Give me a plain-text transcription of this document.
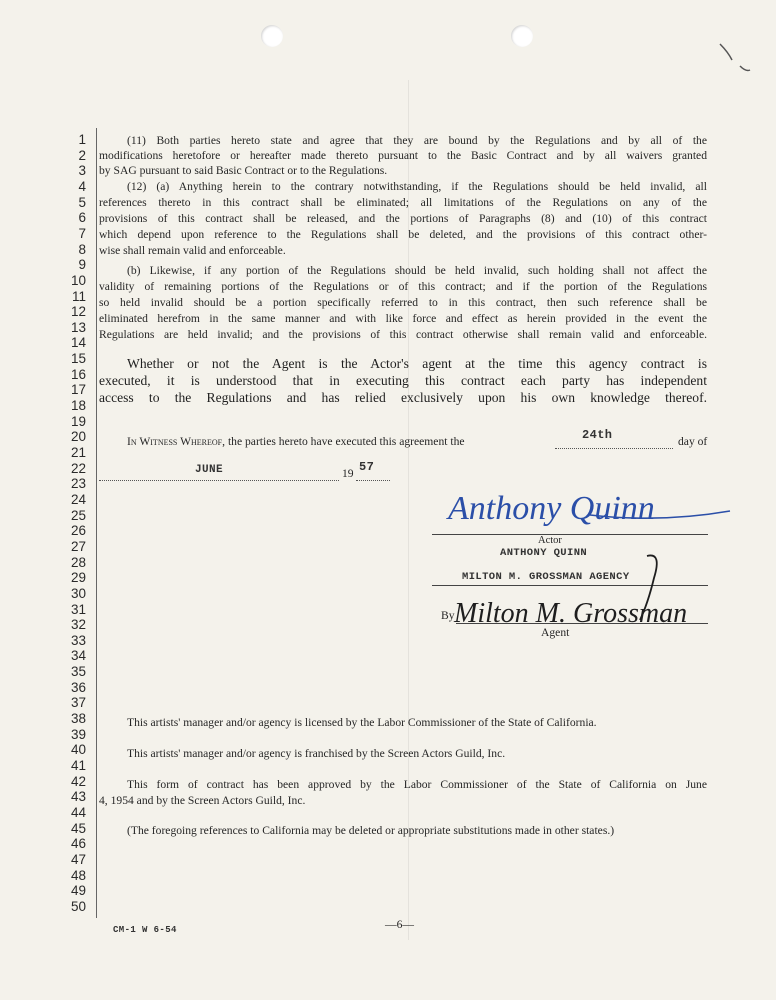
1
2
3
4
5
6
7
8
9
10
11
12
13
14
15
16
17
18
19
20
21
22
23
24
25
26
27
28
29
30
31
32
33
34
35
36
37
38
39
40
41
42
43
44
45
46
47
48
49
50
(11) Both parties hereto state and agree that they are bound by the Regulations and by all of the
modifications heretofore or hereafter made thereto pursuant to the Basic Contract and by all waivers granted
by SAG pursuant to said Basic Contract or to the Regulations.
(12) (a) Anything herein to the contrary notwithstanding, if the Regulations should be held invalid, all
references thereto in this contract shall be eliminated; all limitations of the Regulations on any of the
provisions of this contract shall be released, and the portions of Paragraphs (8) and (10) of this contract
which depend upon reference to the Regulations shall be deleted, and the provisions of this contract other-
wise shall remain valid and enforceable.
(b) Likewise, if any portion of the Regulations should be held invalid, such holding shall not affect the
validity of remaining portions of the Regulations or of this contract; and if the portion of the Regulations
so held invalid should be a portion specifically referred to in this contract, then such reference shall be
eliminated herefrom in the same manner and with like force and effect as herein provided in the event the
Regulations are held invalid; and the provisions of this contract otherwise shall remain valid and enforceable.
Whether or not the Agent is the Actor's agent at the time this agency contract is
executed, it is understood that in executing this contract each party has independent
access to the Regulations and has relied exclusively upon his own knowledge thereof.
In Witness Whereof, the parties hereto have executed this agreement the	24th	day of
JUNE	19 57
Anthony Quinn
Actor
ANTHONY QUINN
MILTON M. GROSSMAN AGENCY
By Milton M. Grossman
Agent
This artists' manager and/or agency is licensed by the Labor Commissioner of the State of California.
This artists' manager and/or agency is franchised by the Screen Actors Guild, Inc.
This form of contract has been approved by the Labor Commissioner of the State of California on June
4, 1954 and by the Screen Actors Guild, Inc.
(The foregoing references to California may be deleted or appropriate substitutions made in other states.)
—6—
CM-1 W 6-54
